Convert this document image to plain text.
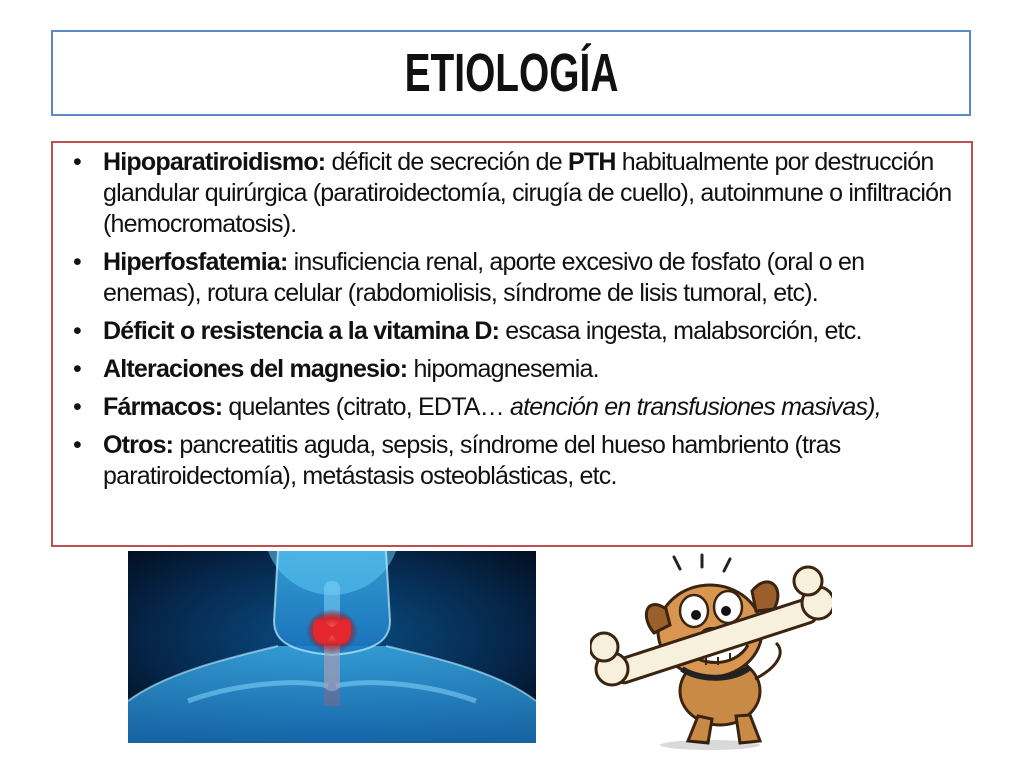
ETIOLOGÍA
• Hipoparatiroidismo: déficit de secreción de PTH habitualmente por destrucción glandular quirúrgica (paratiroidectomía, cirugía de cuello), autoinmune o infiltración (hemocromatosis).
• Hiperfosfatemia: insuficiencia renal, aporte excesivo de fosfato (oral o en enemas), rotura celular (rabdomiolisis, síndrome de lisis tumoral, etc).
• Déficit o resistencia a la vitamina D: escasa ingesta, malabsorción, etc.
• Alteraciones del magnesio: hipomagnesemia.
• Fármacos: quelantes (citrato, EDTA… atención en transfusiones masivas),
• Otros: pancreatitis aguda, sepsis, síndrome del hueso hambriento (tras paratiroidectomía), metástasis osteoblásticas, etc.
